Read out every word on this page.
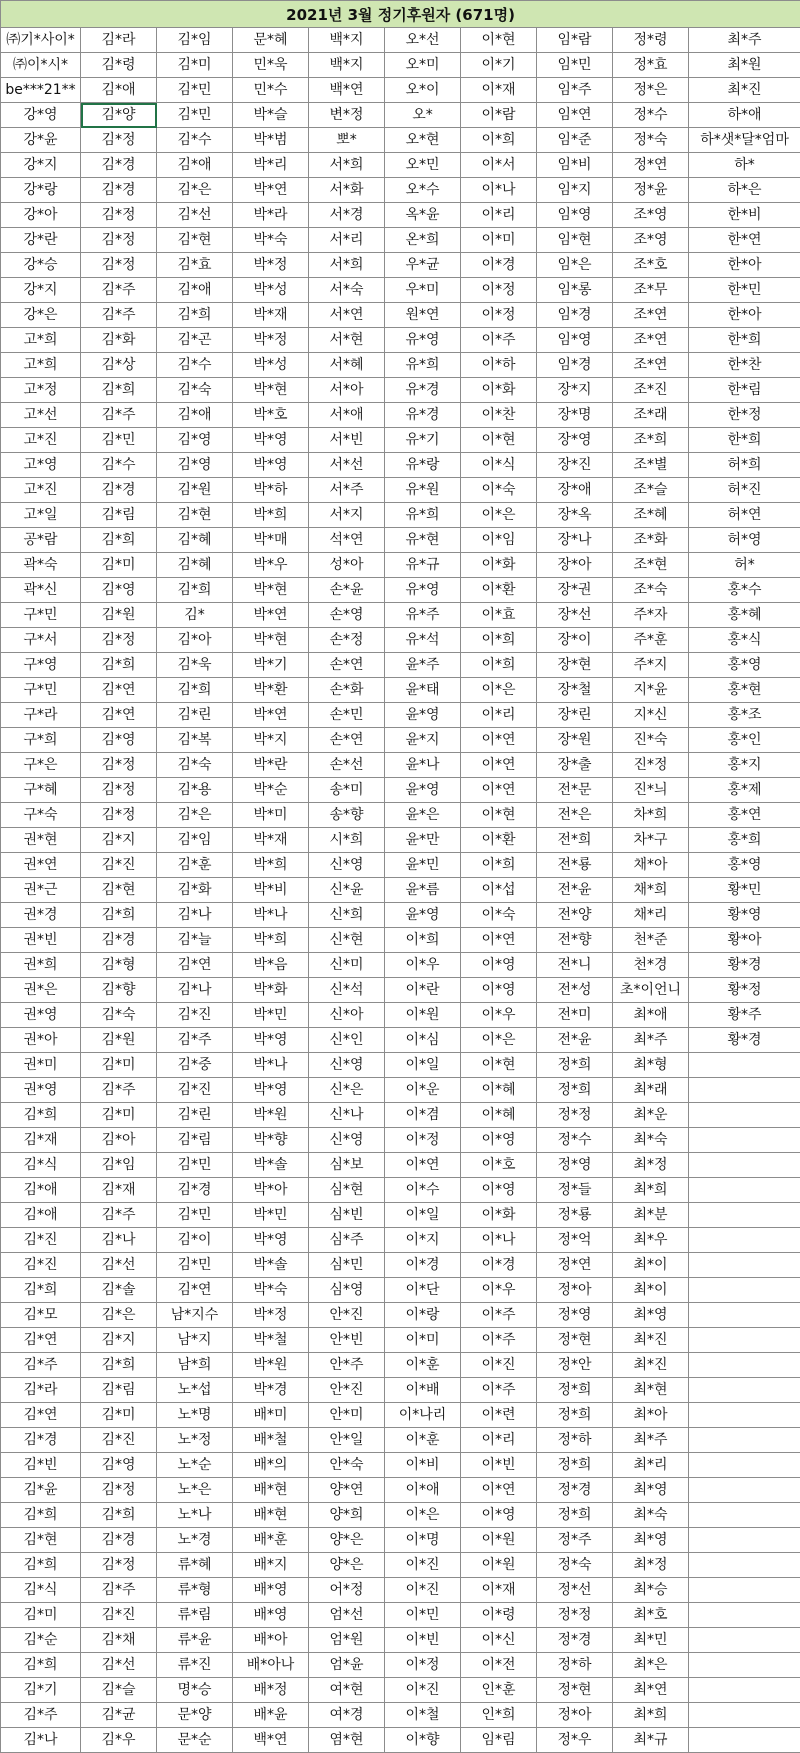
2021년 3월 정기후원자 (671명)									
㈜기*사이*	김*라	김*임	문*혜	백*지	오*선	이*현	임*람	정*령	최*주
㈜이*시*	김*령	김*미	민*욱	백*지	오*미	이*기	임*민	정*효	최*원
be***21**	김*애	김*민	민*수	백*연	오*이	이*재	임*주	정*은	최*진
강*영	김*양	김*민	박*슬	변*정	오*	이*람	임*연	정*수	하*애
강*윤	김*정	김*수	박*범	뽀*	오*현	이*희	임*준	정*숙	하*샛*달*엄마
강*지	김*경	김*애	박*리	서*희	오*민	이*서	임*비	정*연	하*
강*랑	김*경	김*은	박*연	서*화	오*수	이*나	임*지	정*윤	하*은
강*아	김*정	김*선	박*라	서*경	옥*윤	이*리	임*영	조*영	한*비
강*란	김*정	김*현	박*숙	서*리	온*희	이*미	임*현	조*영	한*연
강*승	김*정	김*효	박*정	서*희	우*균	이*경	임*은	조*호	한*아
강*지	김*주	김*애	박*성	서*숙	우*미	이*정	임*롱	조*무	한*민
강*은	김*주	김*희	박*재	서*연	원*연	이*정	임*경	조*연	한*아
고*희	김*화	김*곤	박*정	서*현	유*영	이*주	임*영	조*연	한*희
고*희	김*상	김*수	박*성	서*혜	유*희	이*하	임*경	조*연	한*찬
고*정	김*희	김*숙	박*현	서*아	유*경	이*화	장*지	조*진	한*림
고*선	김*주	김*애	박*호	서*애	유*경	이*찬	장*명	조*래	한*정
고*진	김*민	김*영	박*영	서*빈	유*기	이*현	장*영	조*희	한*희
고*영	김*수	김*영	박*영	서*선	유*랑	이*식	장*진	조*별	허*희
고*진	김*경	김*원	박*하	서*주	유*원	이*숙	장*애	조*슬	허*진
고*일	김*림	김*현	박*희	서*지	유*희	이*은	장*옥	조*혜	허*연
공*람	김*희	김*혜	박*매	석*연	유*현	이*임	장*나	조*화	허*영
곽*숙	김*미	김*혜	박*우	성*아	유*규	이*화	장*아	조*현	허*
곽*신	김*영	김*희	박*현	손*윤	유*영	이*환	장*권	조*숙	홍*수
구*민	김*원	김*	박*연	손*영	유*주	이*효	장*선	주*자	홍*혜
구*서	김*정	김*아	박*현	손*정	유*석	이*희	장*이	주*훈	홍*식
구*영	김*희	김*욱	박*기	손*연	윤*주	이*희	장*현	주*지	홍*영
구*민	김*연	김*희	박*환	손*화	윤*태	이*은	장*철	지*윤	홍*현
구*라	김*연	김*린	박*연	손*민	윤*영	이*리	장*린	지*신	홍*조
구*희	김*영	김*복	박*지	손*연	윤*지	이*연	장*원	진*숙	홍*인
구*은	김*정	김*숙	박*란	손*선	윤*나	이*연	장*출	진*정	홍*지
구*혜	김*정	김*용	박*순	송*미	윤*영	이*연	전*문	진*늬	홍*제
구*숙	김*정	김*은	박*미	송*향	윤*은	이*현	전*은	차*희	홍*연
권*현	김*지	김*임	박*재	시*희	윤*만	이*환	전*희	차*구	홍*희
권*연	김*진	김*훈	박*희	신*영	윤*민	이*희	전*룡	채*아	홍*영
권*근	김*현	김*화	박*비	신*윤	윤*름	이*섭	전*윤	채*희	황*민
권*경	김*희	김*나	박*나	신*희	윤*영	이*숙	전*양	채*리	황*영
권*빈	김*경	김*늘	박*희	신*현	이*희	이*연	전*향	천*준	황*아
권*희	김*형	김*연	박*음	신*미	이*우	이*영	전*니	천*경	황*경
권*은	김*향	김*나	박*화	신*석	이*란	이*영	전*성	초*이언니	황*정
권*영	김*숙	김*진	박*민	신*아	이*원	이*우	전*미	최*애	황*주
권*아	김*원	김*주	박*영	신*인	이*심	이*은	전*윤	최*주	황*경
권*미	김*미	김*중	박*나	신*영	이*일	이*현	정*희	최*형	
권*영	김*주	김*진	박*영	신*은	이*운	이*혜	정*희	최*래	
김*희	김*미	김*린	박*원	신*나	이*겸	이*혜	정*정	최*운	
김*재	김*아	김*림	박*향	신*영	이*정	이*영	정*수	최*숙	
김*식	김*임	김*민	박*솔	심*보	이*연	이*호	정*영	최*정	
김*애	김*재	김*경	박*아	심*현	이*수	이*영	정*들	최*희	
김*애	김*주	김*민	박*민	심*빈	이*일	이*화	정*룡	최*분	
김*진	김*나	김*이	박*영	심*주	이*지	이*나	정*억	최*우	
김*진	김*선	김*민	박*솔	심*민	이*경	이*경	정*연	최*이	
김*희	김*솔	김*연	박*숙	심*영	이*단	이*우	정*아	최*이	
김*모	김*은	남*지수	박*정	안*진	이*랑	이*주	정*영	최*영	
김*연	김*지	남*지	박*철	안*빈	이*미	이*주	정*현	최*진	
김*주	김*희	남*희	박*원	안*주	이*훈	이*진	정*안	최*진	
김*라	김*림	노*섭	박*경	안*진	이*배	이*주	정*희	최*현	
김*연	김*미	노*명	배*미	안*미	이*나리	이*련	정*희	최*아	
김*경	김*진	노*정	배*철	안*일	이*훈	이*리	정*하	최*주	
김*빈	김*영	노*순	배*의	안*숙	이*비	이*빈	정*희	최*리	
김*윤	김*정	노*은	배*현	양*연	이*애	이*연	정*경	최*영	
김*희	김*희	노*나	배*현	양*희	이*은	이*영	정*희	최*숙	
김*현	김*경	노*경	배*훈	양*은	이*명	이*원	정*주	최*영	
김*희	김*정	류*혜	배*지	양*은	이*진	이*원	정*숙	최*정	
김*식	김*주	류*형	배*영	어*정	이*진	이*재	정*선	최*승	
김*미	김*진	류*림	배*영	엄*선	이*민	이*령	정*정	최*호	
김*순	김*채	류*윤	배*아	엄*원	이*빈	이*신	정*경	최*민	
김*희	김*선	류*진	배*아나	엄*윤	이*정	이*전	정*하	최*은	
김*기	김*슬	명*승	배*정	여*현	이*진	인*훈	정*현	최*연	
김*주	김*균	문*양	배*윤	여*경	이*철	인*희	정*아	최*희	
김*나	김*우	문*순	백*연	염*현	이*향	임*림	정*우	최*규	
